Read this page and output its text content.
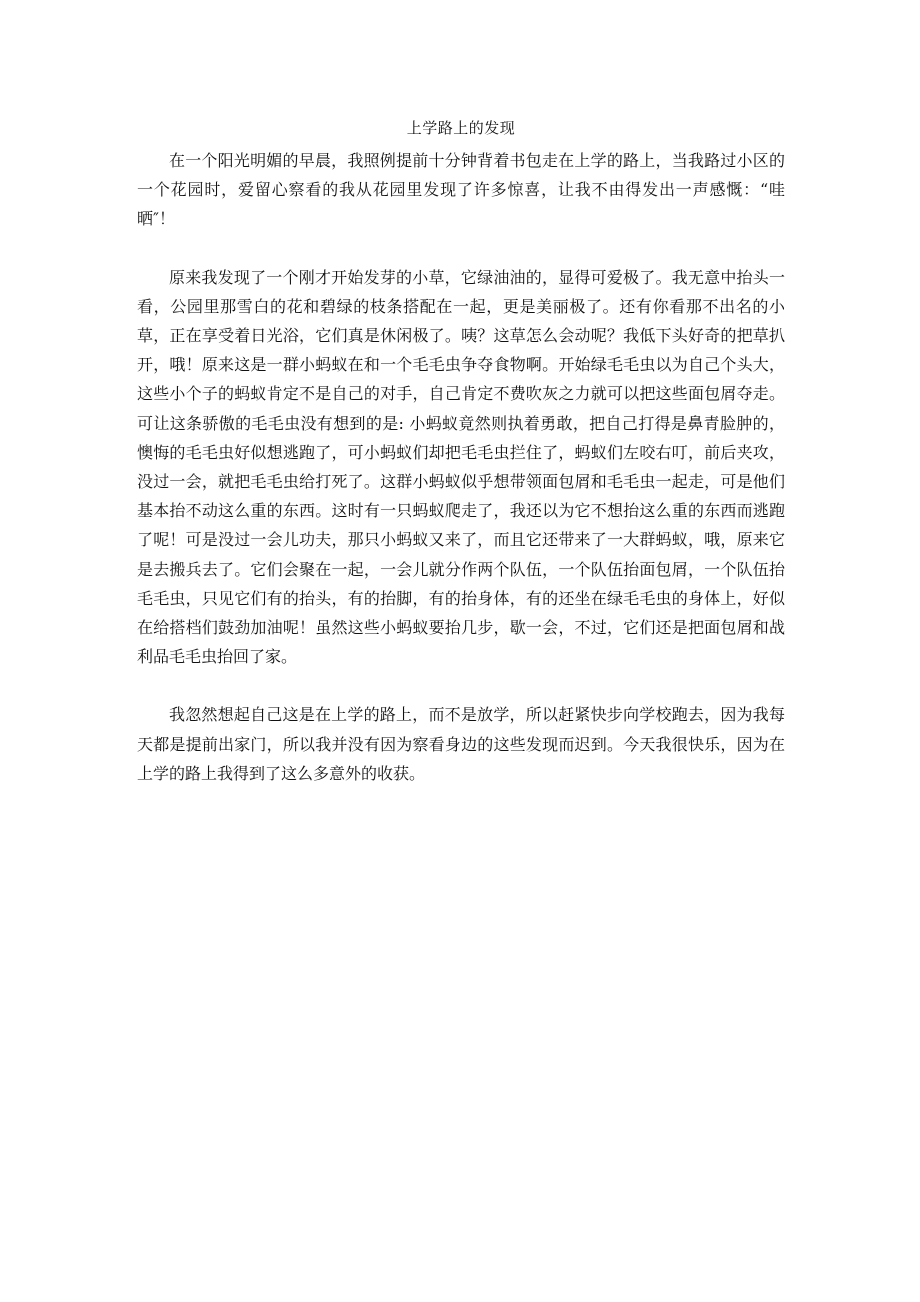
上学路上的发现

在一个阳光明媚的早晨，我照例提前十分钟背着书包走在上学的路上，当我路过小区的一个花园时，爱留心察看的我从花园里发现了许多惊喜，让我不由得发出一声感慨：“哇晒″！

原来我发现了一个刚才开始发芽的小草，它绿油油的，显得可爱极了。我无意中抬头一看，公园里那雪白的花和碧绿的枝条搭配在一起，更是美丽极了。还有你看那不出名的小草，正在享受着日光浴，它们真是休闲极了。咦？这草怎么会动呢？我低下头好奇的把草扒开，哦！原来这是一群小蚂蚁在和一个毛毛虫争夺食物啊。开始绿毛毛虫以为自己个头大，这些小个子的蚂蚁肯定不是自己的对手，自己肯定不费吹灰之力就可以把这些面包屑夺走。可让这条骄傲的毛毛虫没有想到的是: 小蚂蚁竟然则执着勇敢，把自己打得是鼻青脸肿的，懊悔的毛毛虫好似想逃跑了，可小蚂蚁们却把毛毛虫拦住了，蚂蚁们左咬右叮，前后夹攻，没过一会，就把毛毛虫给打死了。这群小蚂蚁似乎想带领面包屑和毛毛虫一起走，可是他们基本抬不动这么重的东西。这时有一只蚂蚁爬走了，我还以为它不想抬这么重的东西而逃跑了呢！可是没过一会儿功夫，那只小蚂蚁又来了，而且它还带来了一大群蚂蚁，哦，原来它是去搬兵去了。它们会聚在一起，一会儿就分作两个队伍，一个队伍抬面包屑，一个队伍抬毛毛虫，只见它们有的抬头，有的抬脚，有的抬身体，有的还坐在绿毛毛虫的身体上，好似在给搭档们鼓劲加油呢！虽然这些小蚂蚁要抬几步，歇一会，不过，它们还是把面包屑和战利品毛毛虫抬回了家。

我忽然想起自己这是在上学的路上，而不是放学，所以赶紧快步向学校跑去，因为我每天都是提前出家门，所以我并没有因为察看身边的这些发现而迟到。今天我很快乐，因为在上学的路上我得到了这么多意外的收获。
